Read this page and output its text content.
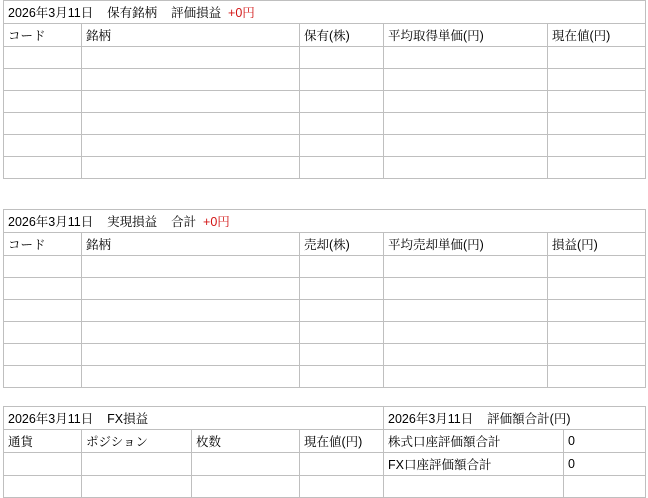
2026年3月11日 保有銘柄 評価損益 +0円				
コード	銘柄	保有(株)	平均取得単価(円)	現在値(円)

2026年3月11日 実現損益 合計 +0円				
コード	銘柄	売却(株)	平均売却単価(円)	損益(円)

2026年3月11日 FX損益				2026年3月11日 評価額合計(円)	
通貨	ポジション	枚数	現在値(円)	株式口座評価額合計	0
				FX口座評価額合計	0
